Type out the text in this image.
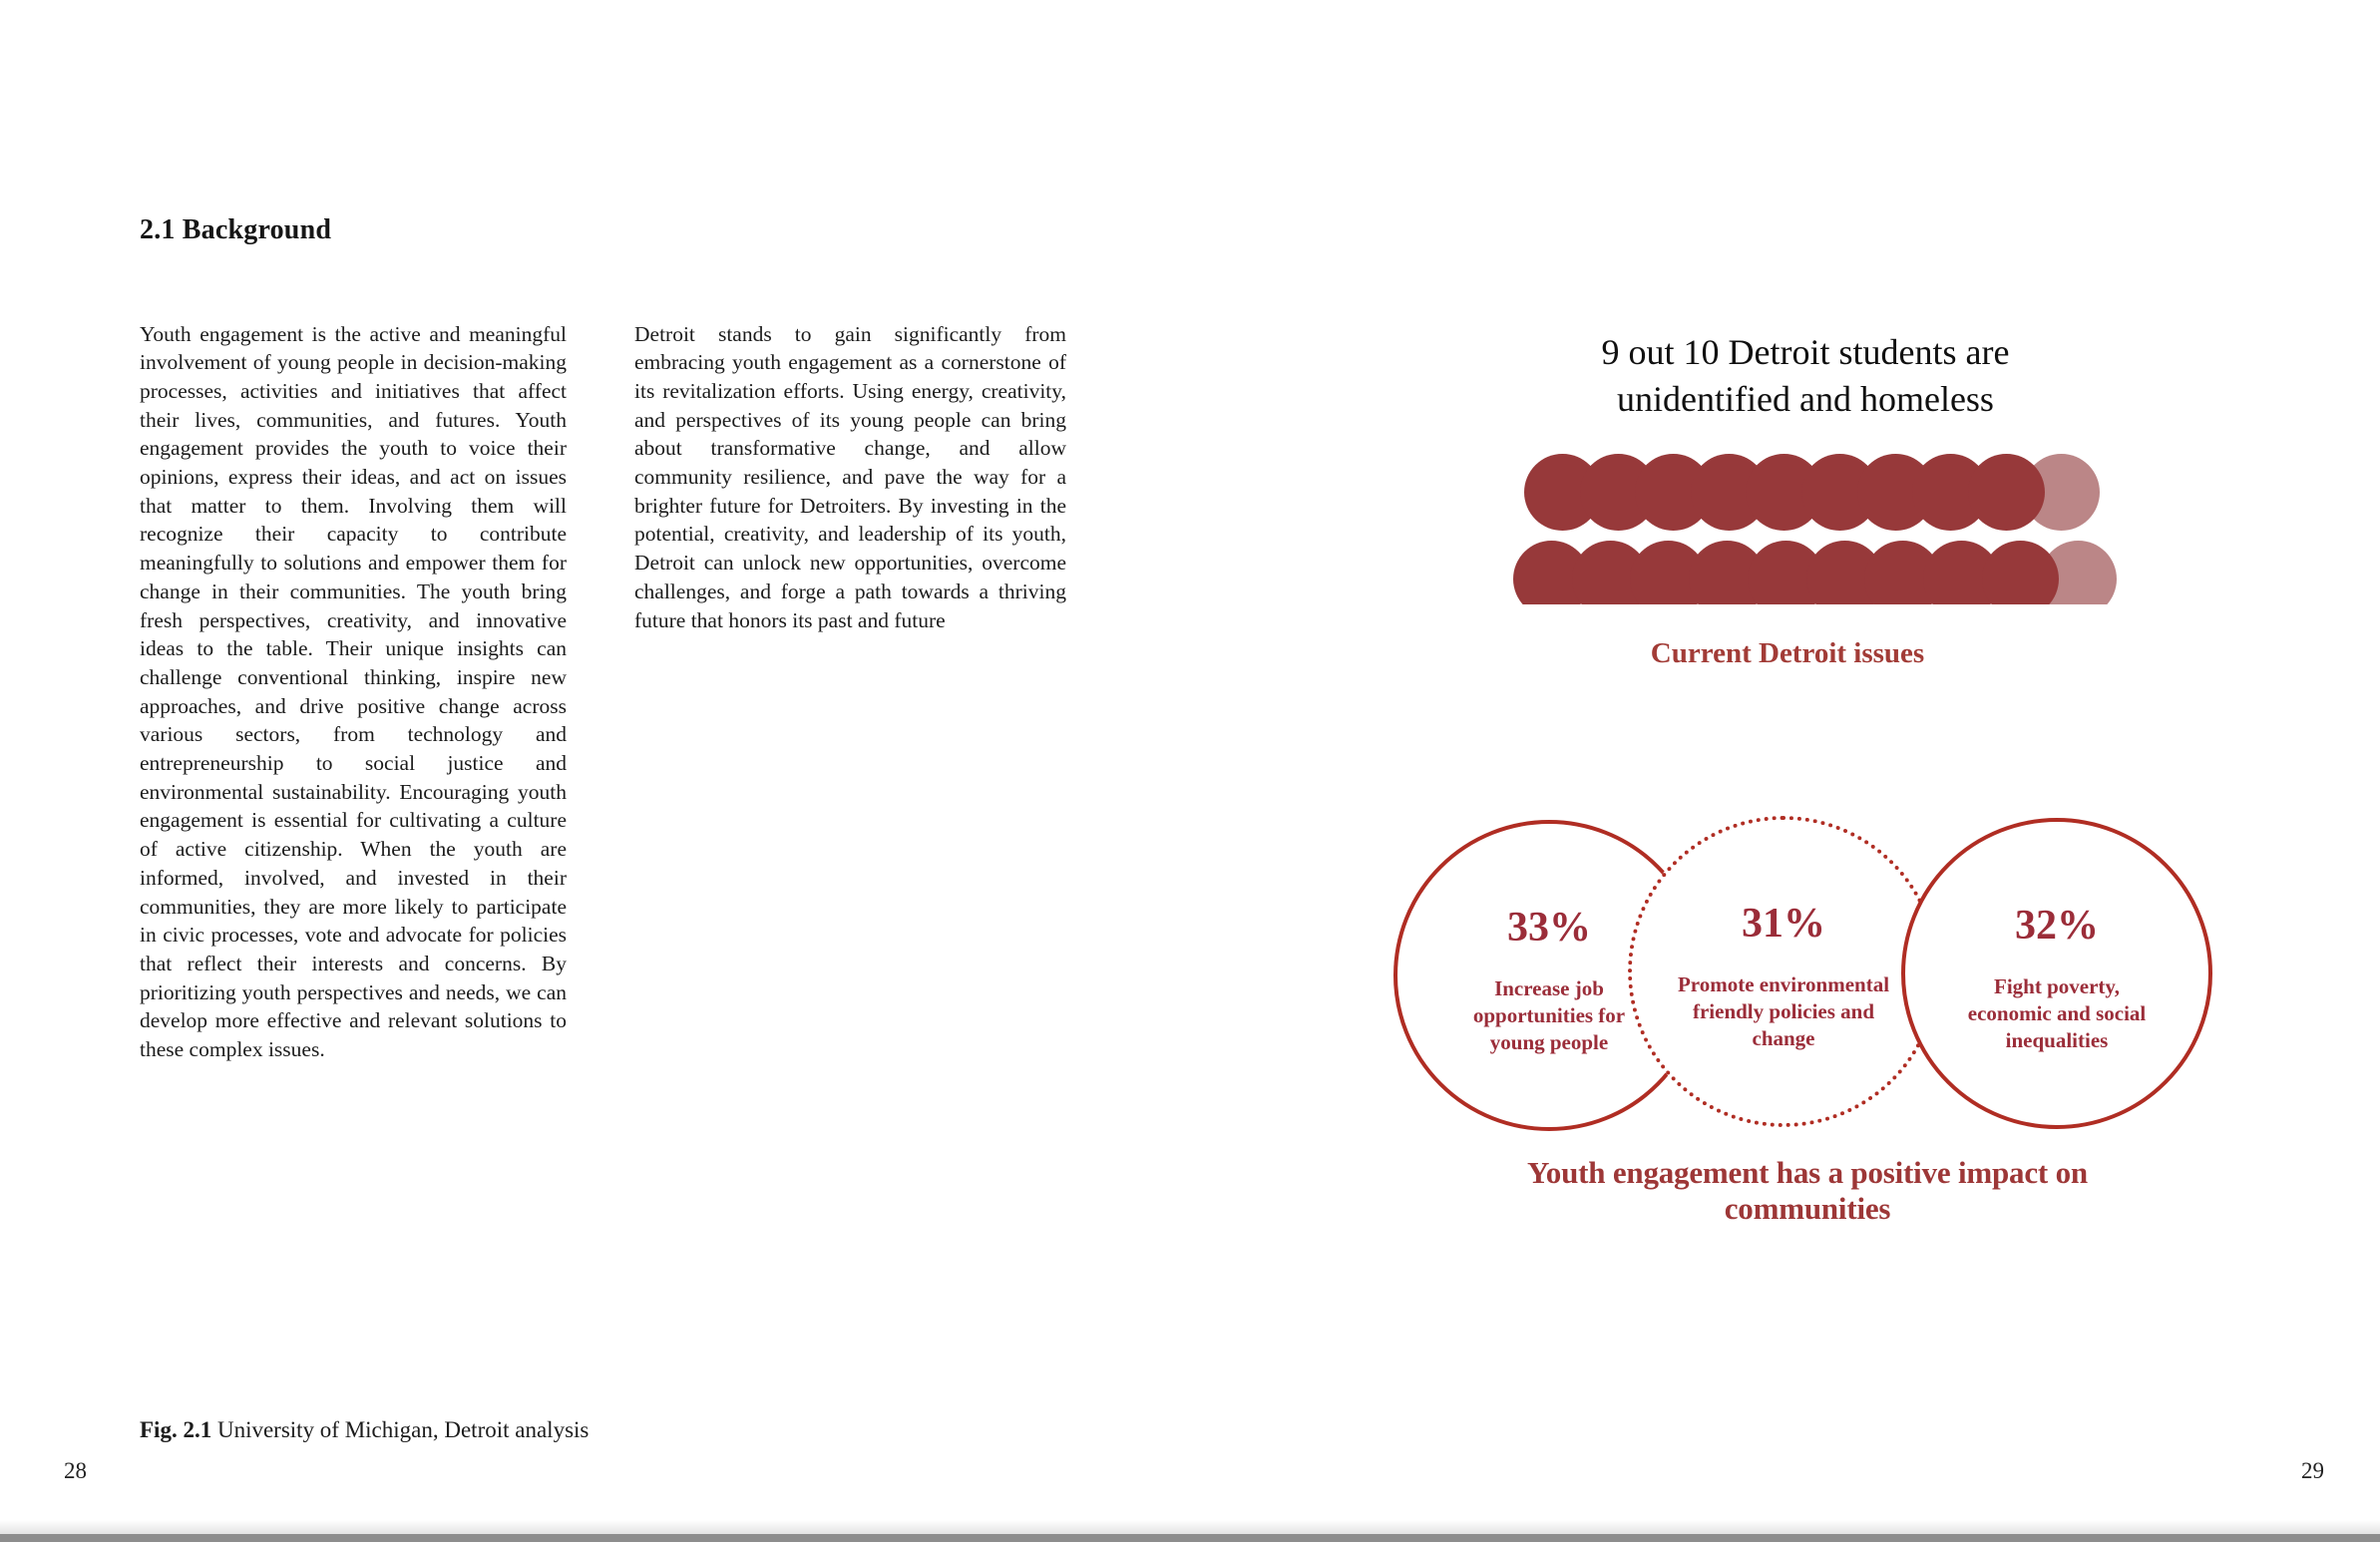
2.1 Background

Youth engagement is the active and meaningful involvement of young people in decision-making processes, activities and initiatives that affect their lives, communities, and futures. Youth engagement provides the youth to voice their opinions, express their ideas, and act on issues that matter to them. Involving them will recognize their capacity to contribute meaningfully to solutions and empower them for change in their communities. The youth bring fresh perspectives, creativity, and innovative ideas to the table. Their unique insights can challenge conventional thinking, inspire new approaches, and drive positive change across various sectors, from technology and entrepreneurship to social justice and environmental sustainability. Encouraging youth engagement is essential for cultivating a culture of active citizenship. When the youth are informed, involved, and invested in their communities, they are more likely to participate in civic processes, vote and advocate for policies that reflect their interests and concerns. By prioritizing youth perspectives and needs, we can develop more effective and relevant solutions to these complex issues.

Detroit stands to gain significantly from embracing youth engagement as a cornerstone of its revitalization efforts. Using energy, creativity, and perspectives of its young people can bring about transformative change, and allow community resilience, and pave the way for a brighter future for Detroiters. By investing in the potential, creativity, and leadership of its youth, Detroit can unlock new opportunities, overcome challenges, and forge a path towards a thriving future that honors its past and future

Fig. 2.1 University of Michigan, Detroit analysis

28	29
9 out 10 Detroit students are
unidentified and homeless
Current Detroit issues
33%
Increase job
opportunities for
young people
31%
Promote environmental
friendly policies and
change
32%
Fight poverty,
economic and social
inequalities
Youth engagement has a positive impact on communities
